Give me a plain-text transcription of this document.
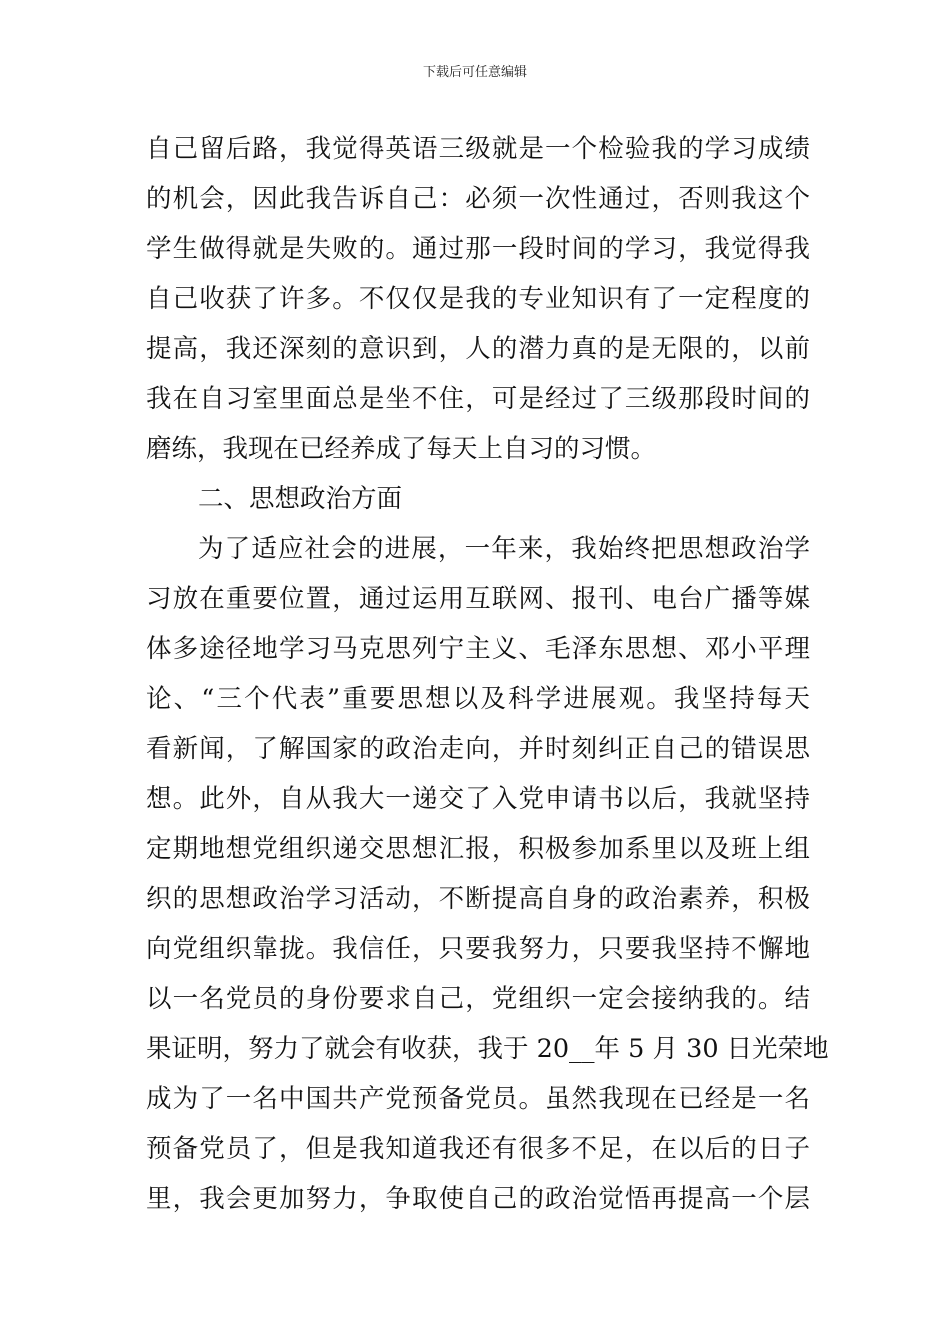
下载后可任意编辑
自己留后路，我觉得英语三级就是一个检验我的学习成绩
的机会，因此我告诉自己：必须一次性通过，否则我这个
学生做得就是失败的。通过那一段时间的学习，我觉得我
自己收获了许多。不仅仅是我的专业知识有了一定程度的
提高，我还深刻的意识到，人的潜力真的是无限的，以前
我在自习室里面总是坐不住，可是经过了三级那段时间的
磨练，我现在已经养成了每天上自习的习惯。
二、思想政治方面
为了适应社会的进展，一年来，我始终把思想政治学
习放在重要位置，通过运用互联网、报刊、电台广播等媒
体多途径地学习马克思列宁主义、毛泽东思想、邓小平理
论、“三个代表”重要思想以及科学进展观。我坚持每天
看新闻，了解国家的政治走向，并时刻纠正自己的错误思
想。此外，自从我大一递交了入党申请书以后，我就坚持
定期地想党组织递交思想汇报，积极参加系里以及班上组
织的思想政治学习活动，不断提高自身的政治素养，积极
向党组织靠拢。我信任，只要我努力，只要我坚持不懈地
以一名党员的身份要求自己，党组织一定会接纳我的。结
果证明，努力了就会有收获，我于 20__年 5 月 30 日光荣地
成为了一名中国共产党预备党员。虽然我现在已经是一名
预备党员了，但是我知道我还有很多不足，在以后的日子
里，我会更加努力，争取使自己的政治觉悟再提高一个层
